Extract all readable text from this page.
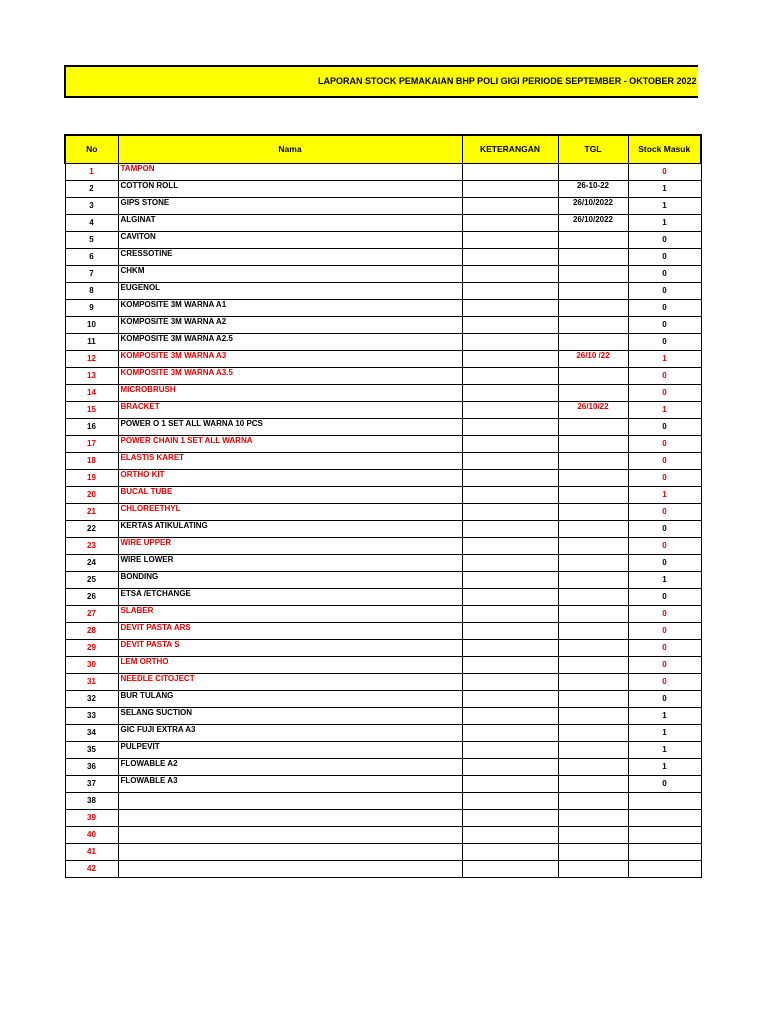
LAPORAN STOCK PEMAKAIAN BHP POLI GIGI PERIODE SEPTEMBER - OKTOBER 2022
No	Nama	KETERANGAN	TGL	Stock Masuk
1	TAMPON			0
2	COTTON ROLL		26-10-22	1
3	GIPS STONE		26/10/2022	1
4	ALGINAT		26/10/2022	1
5	CAVITON			0
6	CRESSOTINE			0
7	CHKM			0
8	EUGENOL			0
9	KOMPOSITE 3M WARNA A1			0
10	KOMPOSITE 3M WARNA A2			0
11	KOMPOSITE 3M WARNA A2.5			0
12	KOMPOSITE 3M WARNA A3		26/10 /22	1
13	KOMPOSITE 3M WARNA A3.5			0
14	MICROBRUSH			0
15	BRACKET		26/10/22	1
16	POWER O 1 SET ALL WARNA 10 PCS			0
17	POWER CHAIN 1 SET ALL WARNA			0
18	ELASTIS KARET			0
19	ORTHO KIT			0
20	BUCAL TUBE			1
21	CHLOREETHYL			0
22	KERTAS ATIKULATING			0
23	WIRE UPPER			0
24	WIRE LOWER			0
25	BONDING			1
26	ETSA /ETCHANGE			0
27	SLABER			0
28	DEVIT PASTA ARS			0
29	DEVIT PASTA S			0
30	LEM ORTHO			0
31	NEEDLE CITOJECT			0
32	BUR TULANG			0
33	SELANG SUCTION			1
34	GIC FUJI EXTRA A3			1
35	PULPEVIT			1
36	FLOWABLE A2			1
37	FLOWABLE A3			0
38				
39				
40				
41				
42				
